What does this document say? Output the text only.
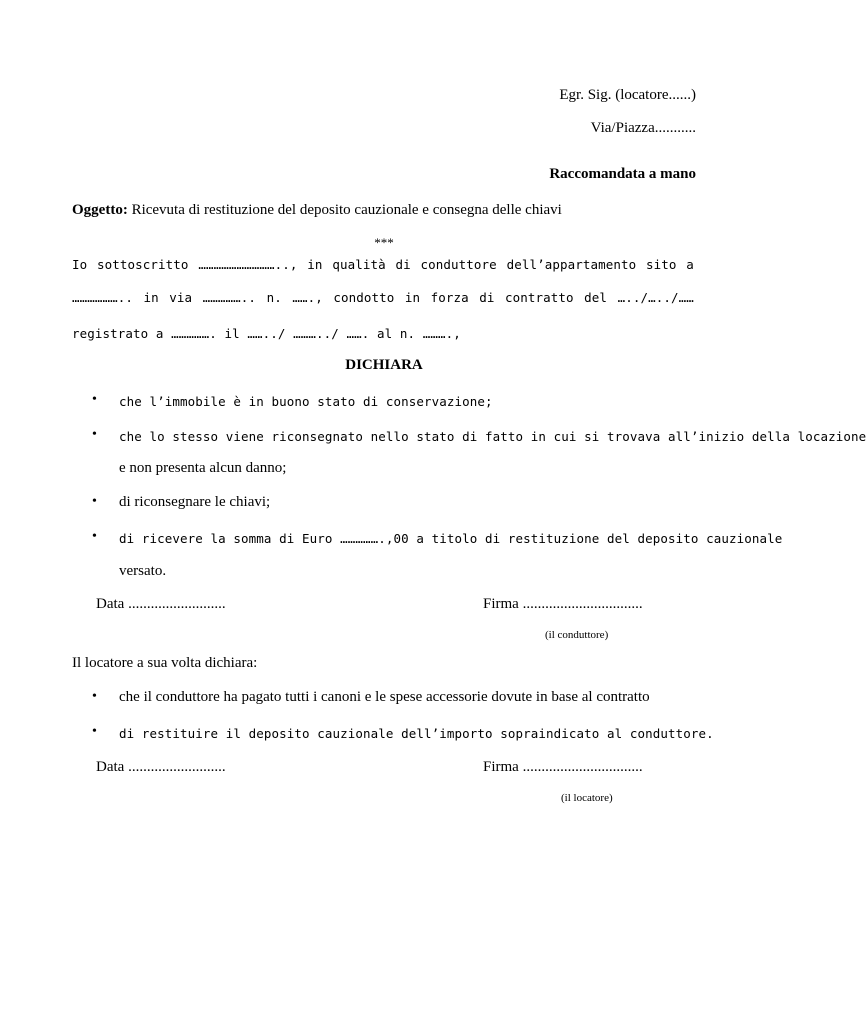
Egr. Sig. (locatore......)
Via/Piazza...........
Raccomandata a mano
Oggetto: Ricevuta di restituzione del deposito cauzionale e consegna delle chiavi
***
Io sottoscritto ………………………….., in qualità di conduttore dell’appartamento sito a
……………….. in via …………….. n. ……., condotto in forza di contratto del …../…../……
registrato a ……………. il ……../ ………../ ……. al n. ……….,
DICHIARA
• che l’immobile è in buono stato di conservazione;
• che lo stesso viene riconsegnato nello stato di fatto in cui si trovava all’inizio della locazione
e non presenta alcun danno;
• di riconsegnare le chiavi;
• di ricevere la somma di Euro …………….,00 a titolo di restituzione del deposito cauzionale
versato.
Data ..........................	Firma ................................
(il conduttore)
Il locatore a sua volta dichiara:
• che il conduttore ha pagato tutti i canoni e le spese accessorie dovute in base al contratto
• di restituire il deposito cauzionale dell’importo sopraindicato al conduttore.
Data ..........................	Firma ................................
(il locatore)
